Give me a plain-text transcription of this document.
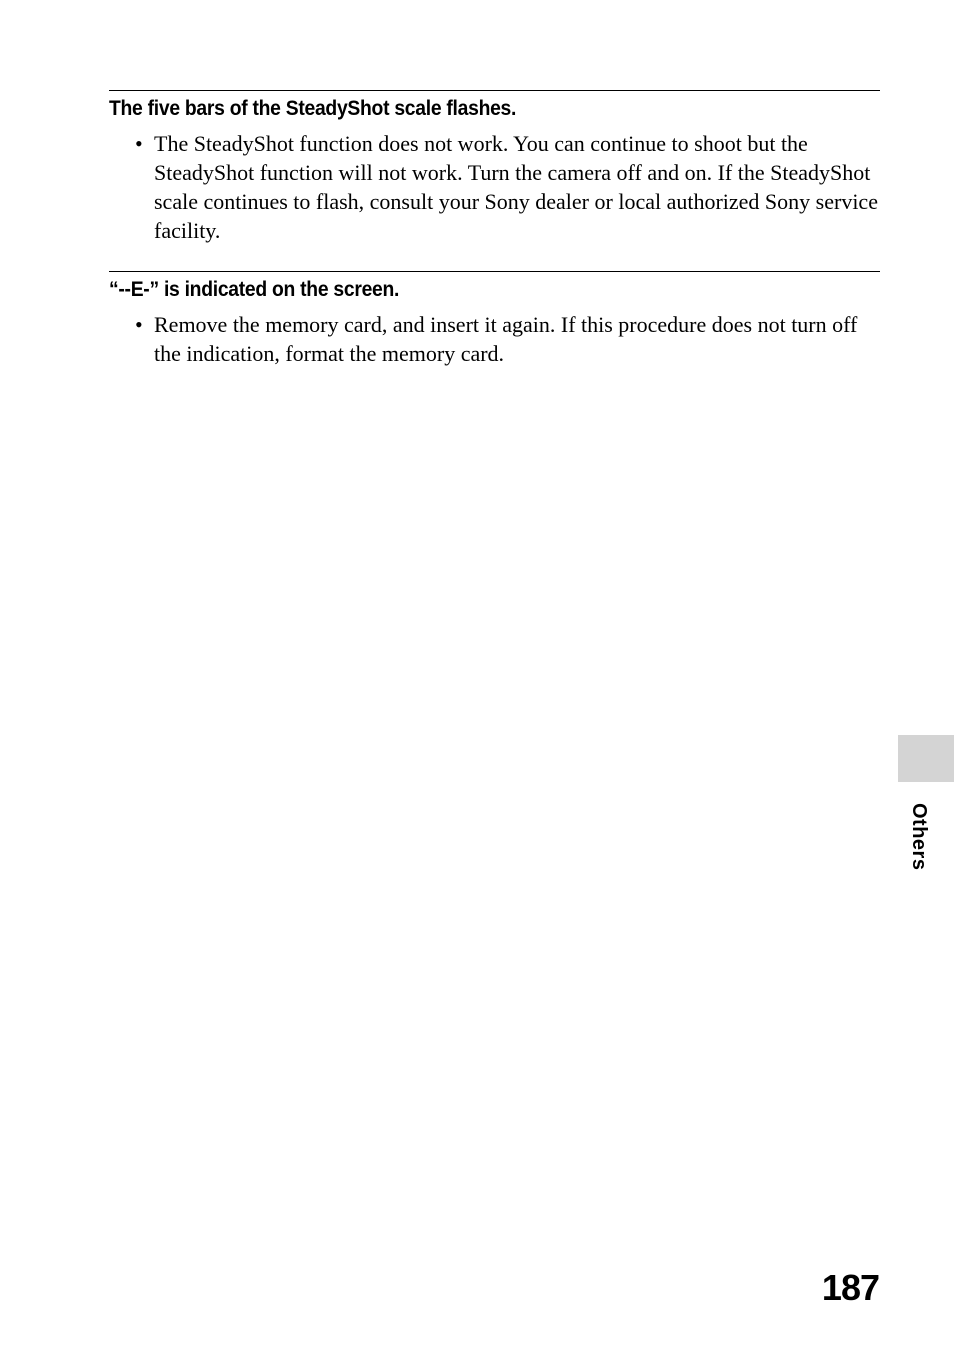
The five bars of the SteadyShot scale flashes.
• The SteadyShot function does not work. You can continue to shoot but the SteadyShot function will not work. Turn the camera off and on. If the SteadyShot scale continues to flash, consult your Sony dealer or local authorized Sony service facility.
“--E-” is indicated on the screen.
• Remove the memory card, and insert it again. If this procedure does not turn off the indication, format the memory card.
Others
187
